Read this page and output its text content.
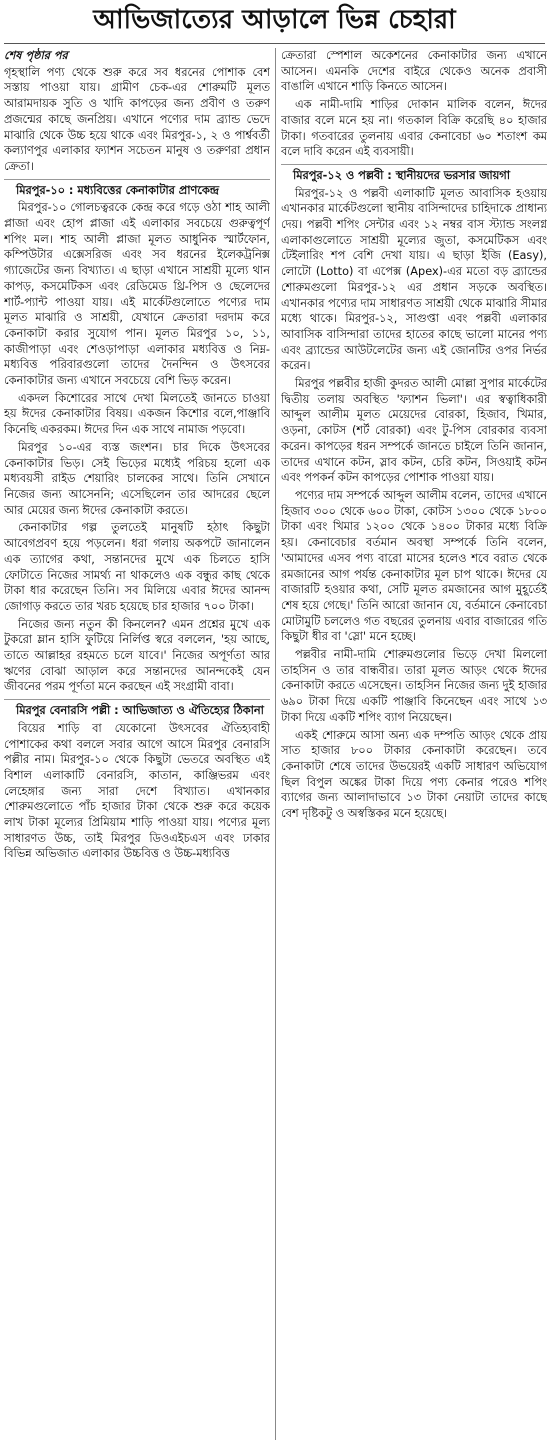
আভিজাত্যের আড়ালে ভিন্ন চেহারা

শেষ পৃষ্ঠার পর

গৃহস্থালি পণ্য থেকে শুরু করে সব ধরনের পোশাক বেশ সস্তায় পাওয়া যায়। গ্রামীণ চেক-এর শোরুমটি মূলত আরামদায়ক সুতি ও খাদি কাপড়ের জন্য প্রবীণ ও তরুণ প্রজন্মের কাছে জনপ্রিয়। এখানে পণ্যের দাম ব্র্যান্ড ভেদে মাঝারি থেকে উচ্চ হয়ে থাকে এবং মিরপুর-১, ২ ও পার্শ্ববর্তী কল্যাণপুর এলাকার ফ্যাশন সচেতন মানুষ ও তরুণরা প্রধান ক্রেতা।

মিরপুর-১০ : মধ্যবিত্তের কেনাকাটার প্রাণকেন্দ্র

মিরপুর-১০ গোলচত্বরকে কেন্দ্র করে গড়ে ওঠা শাহ আলী প্লাজা এবং হোপ প্লাজা এই এলাকার সবচেয়ে গুরুত্বপূর্ণ শপিং মল। শাহ আলী প্লাজা মূলত আধুনিক স্মার্টফোন, কম্পিউটার এক্সেসরিজ এবং সব ধরনের ইলেকট্রনিক্স গ্যাজেটের জন্য বিখ্যাত। এ ছাড়া এখানে সাশ্রয়ী মূল্যে থান কাপড়, কসমেটিকস এবং রেডিমেড থ্রি-পিস ও ছেলেদের শার্ট-প্যান্ট পাওয়া যায়। এই মার্কেটগুলোতে পণ্যের দাম মূলত মাঝারি ও সাশ্রয়ী, যেখানে ক্রেতারা দরদাম করে কেনাকাটা করার সুযোগ পান। মূলত মিরপুর ১০, ১১, কাজীপাড়া এবং শেওড়াপাড়া এলাকার মধ্যবিত্ত ও নিম্ন-মধ্যবিত্ত পরিবারগুলো তাদের দৈনন্দিন ও উৎসবের কেনাকাটার জন্য এখানে সবচেয়ে বেশি ভিড় করেন।

একদল কিশোরের সাথে দেখা মিলতেই জানতে চাওয়া হয় ঈদের কেনাকাটার বিষয়। একজন কিশোর বলে,পাঞ্জাবি কিনেছি একরকম। ঈদের দিন এক সাথে নামাজ পড়বো।

মিরপুর ১০-এর ব্যস্ত জংশন। চার দিকে উৎসবের কেনাকাটার ভিড়। সেই ভিড়ের মধ্যেই পরিচয় হলো এক মধ্যবয়সী রাইড শেয়ারিং চালকের সাথে। তিনি সেখানে নিজের জন্য আসেননি; এসেছিলেন তার আদরের ছেলে আর মেয়ের জন্য ঈদের কেনাকাটা করতে।

কেনাকাটার গল্প তুলতেই মানুষটি হঠাৎ কিছুটা আবেগপ্রবণ হয়ে পড়লেন। ধরা গলায় অকপটে জানালেন এক ত্যাগের কথা, সন্তানদের মুখে এক চিলতে হাসি ফোটাতে নিজের সামর্থ্য না থাকলেও এক বন্ধুর কাছ থেকে টাকা ধার করেছেন তিনি। সব মিলিয়ে এবার ঈদের আনন্দ জোগাড় করতে তার খরচ হয়েছে চার হাজার ৭০০ টাকা।

নিজের জন্য নতুন কী কিনলেন? এমন প্রশ্নের মুখে এক টুকরো ম্লান হাসি ফুটিয়ে নির্লিপ্ত স্বরে বললেন, 'হয় আছে, তাতে আল্লাহর রহমতে চলে যাবে।' নিজের অপূর্ণতা আর ঋণের বোঝা আড়াল করে সন্তানদের আনন্দকেই যেন জীবনের পরম পূর্ণতা মনে করছেন এই সংগ্রামী বাবা।

মিরপুর বেনারসি পল্লী : আভিজাত্য ও ঐতিহ্যের ঠিকানা

বিয়ের শাড়ি বা যেকোনো উৎসবের ঐতিহ্যবাহী পোশাকের কথা বললে সবার আগে আসে মিরপুর বেনারসি পল্লীর নাম। মিরপুর-১০ থেকে কিছুটা ভেতরে অবস্থিত এই বিশাল এলাকাটি বেনারসি, কাতান, কাঞ্জিভরম এবং লেহেঙ্গার জন্য সারা দেশে বিখ্যাত। এখানকার শোরুমগুলোতে পাঁচ হাজার টাকা থেকে শুরু করে কয়েক লাখ টাকা মূল্যের প্রিমিয়াম শাড়ি পাওয়া যায়। পণ্যের মূল্য সাধারণত উচ্চ, তাই মিরপুর ডিওএইচএস এবং ঢাকার বিভিন্ন অভিজাত এলাকার উচ্চবিত্ত ও উচ্চ-মধ্যবিত্ত

ক্রেতারা স্পেশাল অকেশনের কেনাকাটার জন্য এখানে আসেন। এমনকি দেশের বাইরে থেকেও অনেক প্রবাসী বাঙালি এখানে শাড়ি কিনতে আসেন।

এক নামী-দামি শাড়ির দোকান মালিক বলেন, ঈদের বাজার বলে মনে হয় না। গতকাল বিক্রি করেছি ৪০ হাজার টাকা। গতবারের তুলনায় এবার কেনাবেচা ৬০ শতাংশ কম বলে দাবি করেন এই ব্যবসায়ী।

মিরপুর-১২ ও পল্লবী : স্থানীয়দের ভরসার জায়গা

মিরপুর-১২ ও পল্লবী এলাকাটি মূলত আবাসিক হওয়ায় এখানকার মার্কেটগুলো স্থানীয় বাসিন্দাদের চাহিদাকে প্রাধান্য দেয়। পল্লবী শপিং সেন্টার এবং ১২ নম্বর বাস স্ট্যান্ড সংলগ্ন এলাকাগুলোতে সাশ্রয়ী মূল্যের জুতা, কসমেটিকস এবং টেইলারিং শপ বেশি দেখা যায়। এ ছাড়া ইজি (Easy), লোটো (Lotto) বা এপেক্স (Apex)-এর মতো বড় ব্র্যান্ডের শোরুমগুলো মিরপুর-১২ এর প্রধান সড়কে অবস্থিত। এখানকার পণ্যের দাম সাধারণত সাশ্রয়ী থেকে মাঝারি সীমার মধ্যে থাকে। মিরপুর-১২, সাগুপ্তা এবং পল্লবী এলাকার আবাসিক বাসিন্দারা তাদের হাতের কাছে ভালো মানের পণ্য এবং ব্র্যান্ডের আউটলেটের জন্য এই জোনটির ওপর নির্ভর করেন।

মিরপুর পল্লবীর হাজী কুদরত আলী মোল্লা সুপার মার্কেটের দ্বিতীয় তলায় অবস্থিত 'ফ্যাশন ভিলা'। এর স্বত্বাধিকারী আব্দুল আলীম মূলত মেয়েদের বোরকা, হিজাব, খিমার, ওড়না, কোটস (শর্ট বোরকা) এবং টু-পিস বোরকার ব্যবসা করেন। কাপড়ের ধরন সম্পর্কে জানতে চাইলে তিনি জানান, তাদের এখানে কটন, স্লাব কটন, চেরি কটন, সিওয়াই কটন এবং পপকর্ন কটন কাপড়ের পোশাক পাওয়া যায়।

পণ্যের দাম সম্পর্কে আব্দুল আলীম বলেন, তাদের এখানে হিজাব ৩০০ থেকে ৬০০ টাকা, কোটস ১৩০০ থেকে ১৮০০ টাকা এবং খিমার ১২০০ থেকে ১৪০০ টাকার মধ্যে বিক্রি হয়। কেনাবেচার বর্তমান অবস্থা সম্পর্কে তিনি বলেন, 'আমাদের এসব পণ্য বারো মাসের হলেও শবে বরাত থেকে রমজানের আগ পর্যন্ত কেনাকাটার মূল চাপ থাকে। ঈদের যে বাজারটি হওয়ার কথা, সেটি মূলত রমজানের আগ মুহূর্তেই শেষ হয়ে গেছে।' তিনি আরো জানান যে, বর্তমানে কেনাবেচা মোটামুটি চললেও গত বছরের তুলনায় এবার বাজারের গতি কিছুটা ধীর বা 'স্লো' মনে হচ্ছে।

পল্লবীর নামী-দামি শোরুমগুলোর ভিড়ে দেখা মিললো তাহসিন ও তার বান্ধবীর। তারা মূলত আড়ং থেকে ঈদের কেনাকাটা করতে এসেছেন। তাহসিন নিজের জন্য দুই হাজার ৬৯০ টাকা দিয়ে একটি পাঞ্জাবি কিনেছেন এবং সাথে ১৩ টাকা দিয়ে একটি শপিং ব্যাগ নিয়েছেন।

একই শোরুমে আসা অন্য এক দম্পতি আড়ং থেকে প্রায় সাত হাজার ৮০০ টাকার কেনাকাটা করেছেন। তবে কেনাকাটা শেষে তাদের উভয়েরই একটি সাধারণ অভিযোগ ছিল বিপুল অঙ্কের টাকা দিয়ে পণ্য কেনার পরেও শপিং ব্যাগের জন্য আলাদাভাবে ১৩ টাকা নেয়াটা তাদের কাছে বেশ দৃষ্টিকটু ও অস্বস্তিকর মনে হয়েছে।
